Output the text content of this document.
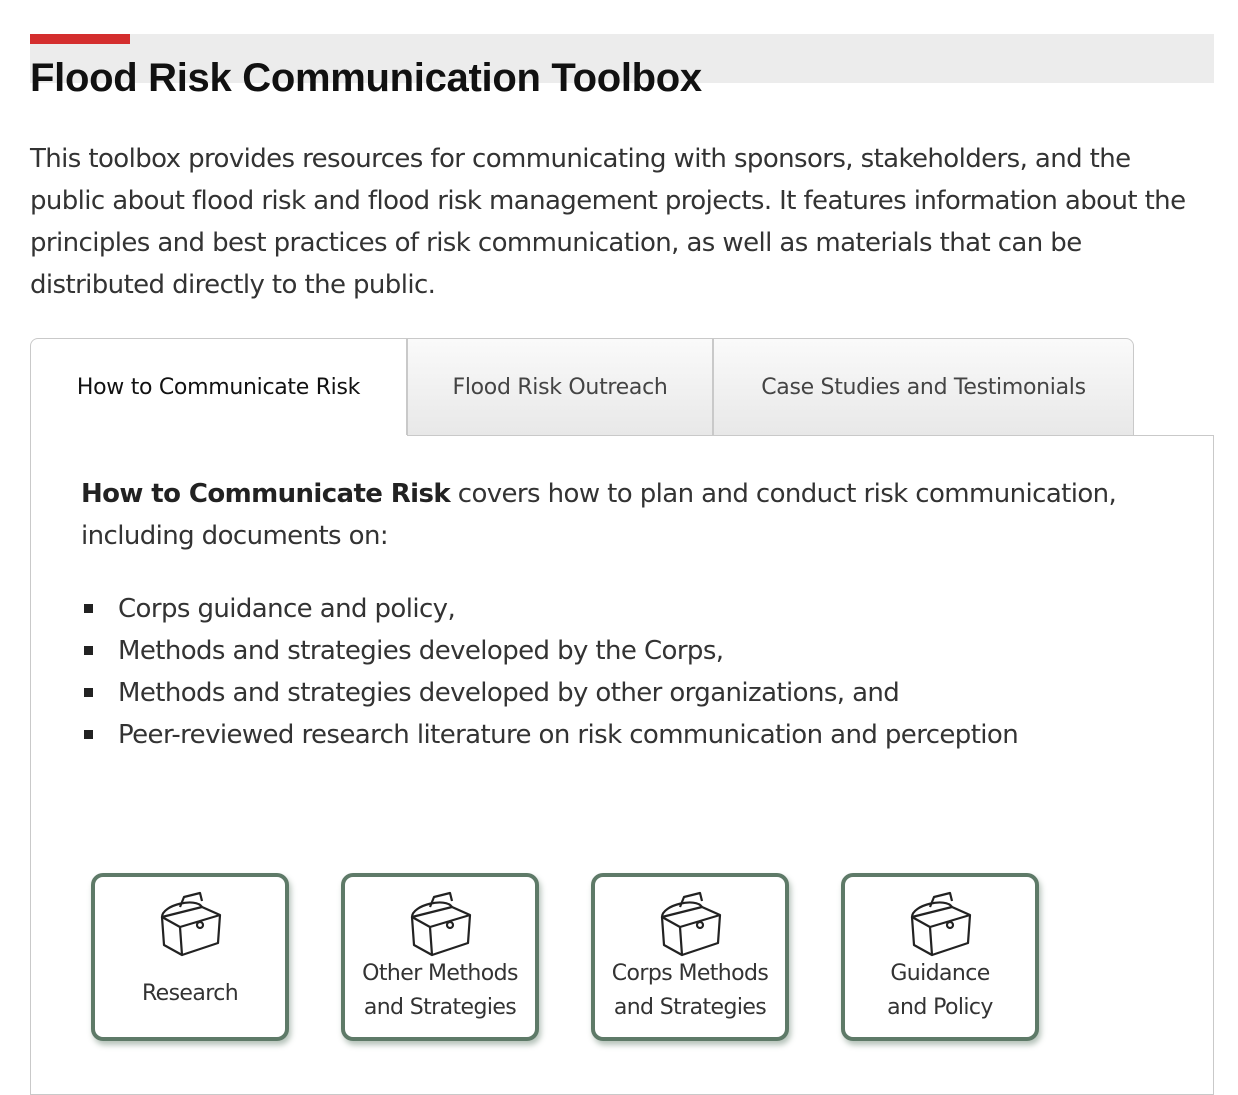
Flood Risk Communication Toolbox

This toolbox provides resources for communicating with sponsors, stakeholders, and the public about flood risk and flood risk management projects. It features information about the principles and best practices of risk communication, as well as materials that can be distributed directly to the public.

How to Communicate Risk	Flood Risk Outreach	Case Studies and Testimonials

How to Communicate Risk covers how to plan and conduct risk communication, including documents on:

Corps guidance and policy,
Methods and strategies developed by the Corps,
Methods and strategies developed by other organizations, and
Peer-reviewed research literature on risk communication and perception
Research
Other Methods
and Strategies
Corps Methods
and Strategies
Guidance
and Policy
